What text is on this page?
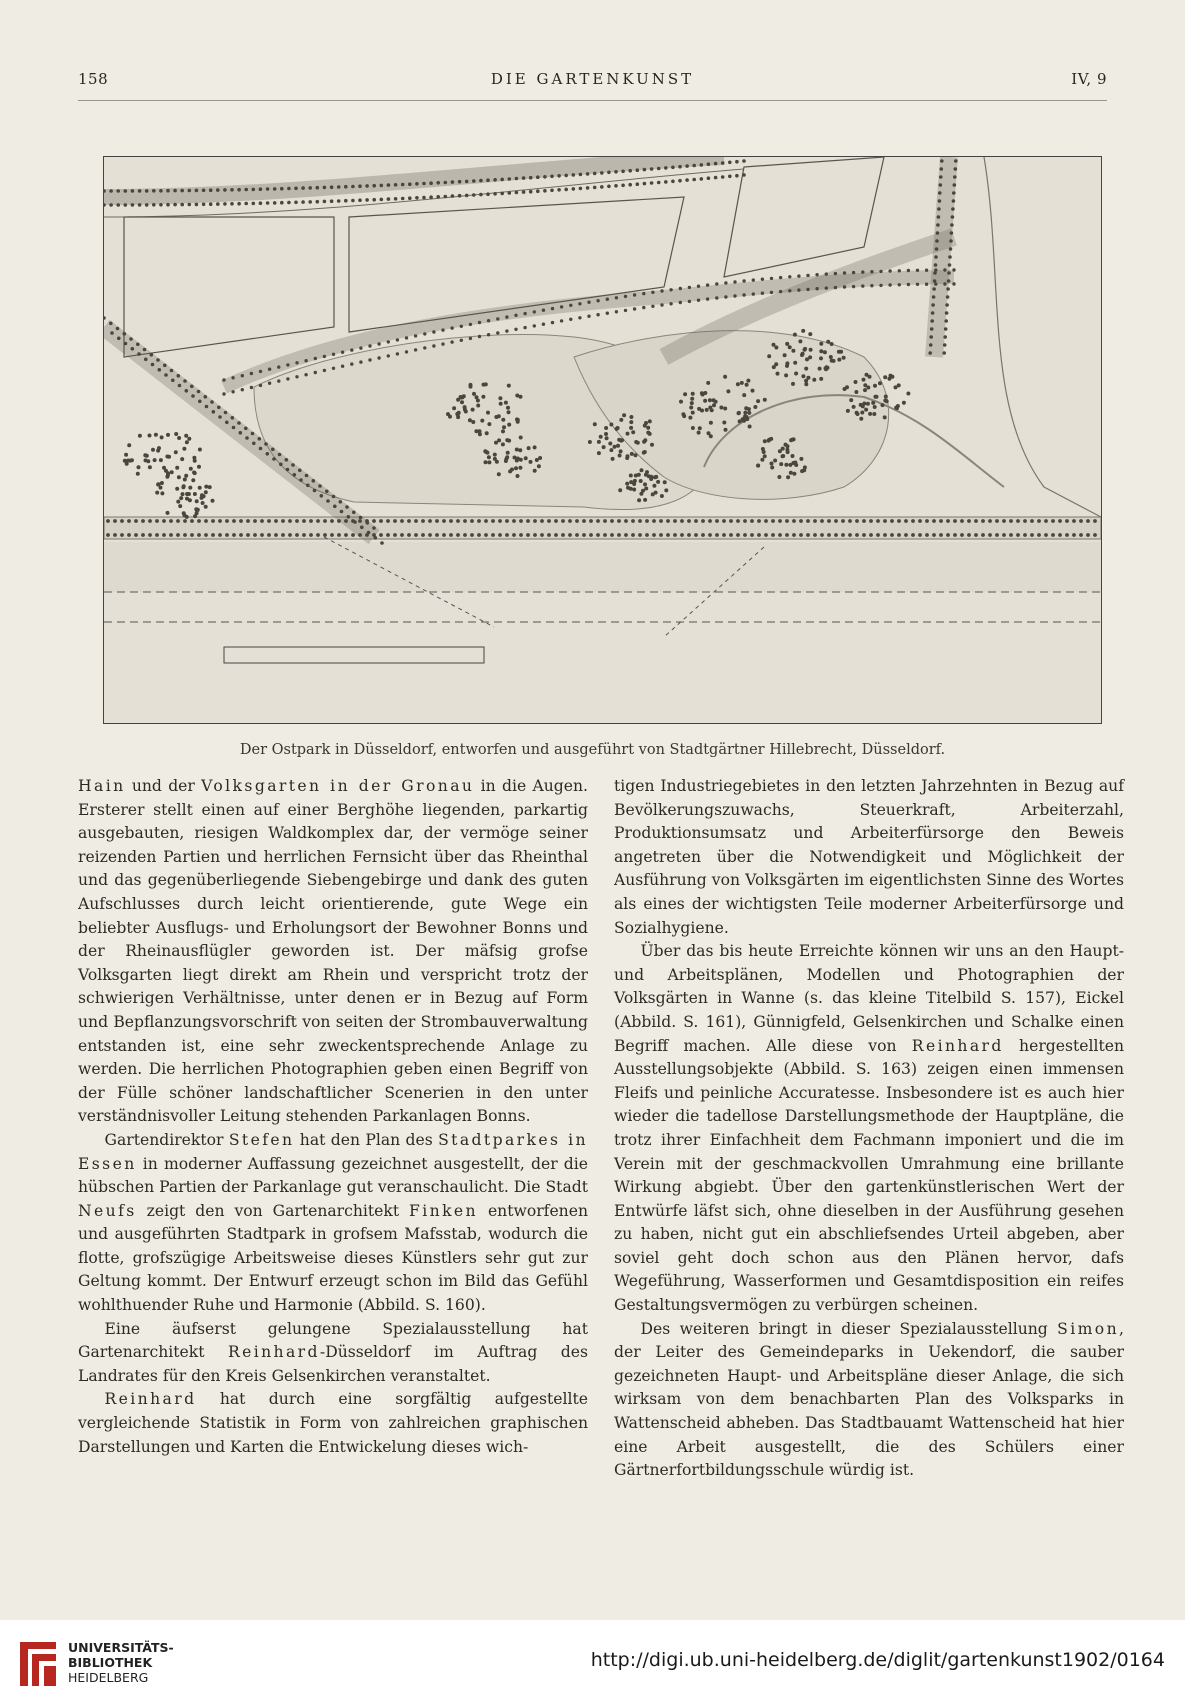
158	DIE GARTENKUNST	IV, 9
Der Ostpark in Düsseldorf, entworfen und ausgeführt von Stadtgärtner Hillebrecht, Düsseldorf.

Hain und der Volksgarten in der Gronau in die Augen. Ersterer stellt einen auf einer Berghöhe liegenden, parkartig ausgebauten, riesigen Waldkomplex dar, der vermöge seiner reizenden Partien und herrlichen Fernsicht über das Rheinthal und das gegenüberliegende Siebengebirge und dank des guten Aufschlusses durch leicht orientierende, gute Wege ein beliebter Ausflugs- und Erholungsort der Bewohner Bonns und der Rheinausflügler geworden ist. Der mäfsig grofse Volksgarten liegt direkt am Rhein und verspricht trotz der schwierigen Verhältnisse, unter denen er in Bezug auf Form und Bepflanzungsvorschrift von seiten der Strombauverwaltung entstanden ist, eine sehr zweckentsprechende Anlage zu werden. Die herrlichen Photographien geben einen Begriff von der Fülle schöner landschaftlicher Scenerien in den unter verständnisvoller Leitung stehenden Parkanlagen Bonns.

Gartendirektor Stefen hat den Plan des Stadtparkes in Essen in moderner Auffassung gezeichnet ausgestellt, der die hübschen Partien der Parkanlage gut veranschaulicht. Die Stadt Neufs zeigt den von Gartenarchitekt Finken entworfenen und ausgeführten Stadtpark in grofsem Mafsstab, wodurch die flotte, grofszügige Arbeitsweise dieses Künstlers sehr gut zur Geltung kommt. Der Entwurf erzeugt schon im Bild das Gefühl wohlthuender Ruhe und Harmonie (Abbild. S. 160).

Eine äufserst gelungene Spezialausstellung hat Gartenarchitekt Reinhard-Düsseldorf im Auftrag des Landrates für den Kreis Gelsenkirchen veranstaltet.

Reinhard hat durch eine sorgfältig aufgestellte vergleichende Statistik in Form von zahlreichen graphischen Darstellungen und Karten die Entwickelung dieses wich-

tigen Industriegebietes in den letzten Jahrzehnten in Bezug auf Bevölkerungszuwachs, Steuerkraft, Arbeiterzahl, Produktionsumsatz und Arbeiterfürsorge den Beweis angetreten über die Notwendigkeit und Möglichkeit der Ausführung von Volksgärten im eigentlichsten Sinne des Wortes als eines der wichtigsten Teile moderner Arbeiterfürsorge und Sozialhygiene.

Über das bis heute Erreichte können wir uns an den Haupt- und Arbeitsplänen, Modellen und Photographien der Volksgärten in Wanne (s. das kleine Titelbild S. 157), Eickel (Abbild. S. 161), Günnigfeld, Gelsenkirchen und Schalke einen Begriff machen. Alle diese von Reinhard hergestellten Ausstellungsobjekte (Abbild. S. 163) zeigen einen immensen Fleifs und peinliche Accuratesse. Insbesondere ist es auch hier wieder die tadellose Darstellungsmethode der Hauptpläne, die trotz ihrer Einfachheit dem Fachmann imponiert und die im Verein mit der geschmackvollen Umrahmung eine brillante Wirkung abgiebt. Über den gartenkünstlerischen Wert der Entwürfe läfst sich, ohne dieselben in der Ausführung gesehen zu haben, nicht gut ein abschliefsendes Urteil abgeben, aber soviel geht doch schon aus den Plänen hervor, dafs Wegeführung, Wasserformen und Gesamtdisposition ein reifes Gestaltungsvermögen zu verbürgen scheinen.

Des weiteren bringt in dieser Spezialausstellung Simon, der Leiter des Gemeindeparks in Uekendorf, die sauber gezeichneten Haupt- und Arbeitspläne dieser Anlage, die sich wirksam von dem benachbarten Plan des Volksparks in Wattenscheid abheben. Das Stadtbauamt Wattenscheid hat hier eine Arbeit ausgestellt, die des Schülers einer Gärtnerfortbildungsschule würdig ist.

UNIVERSITÄTS-
BIBLIOTHEK
HEIDELBERG
http://digi.ub.uni-heidelberg.de/diglit/gartenkunst1902/0164
